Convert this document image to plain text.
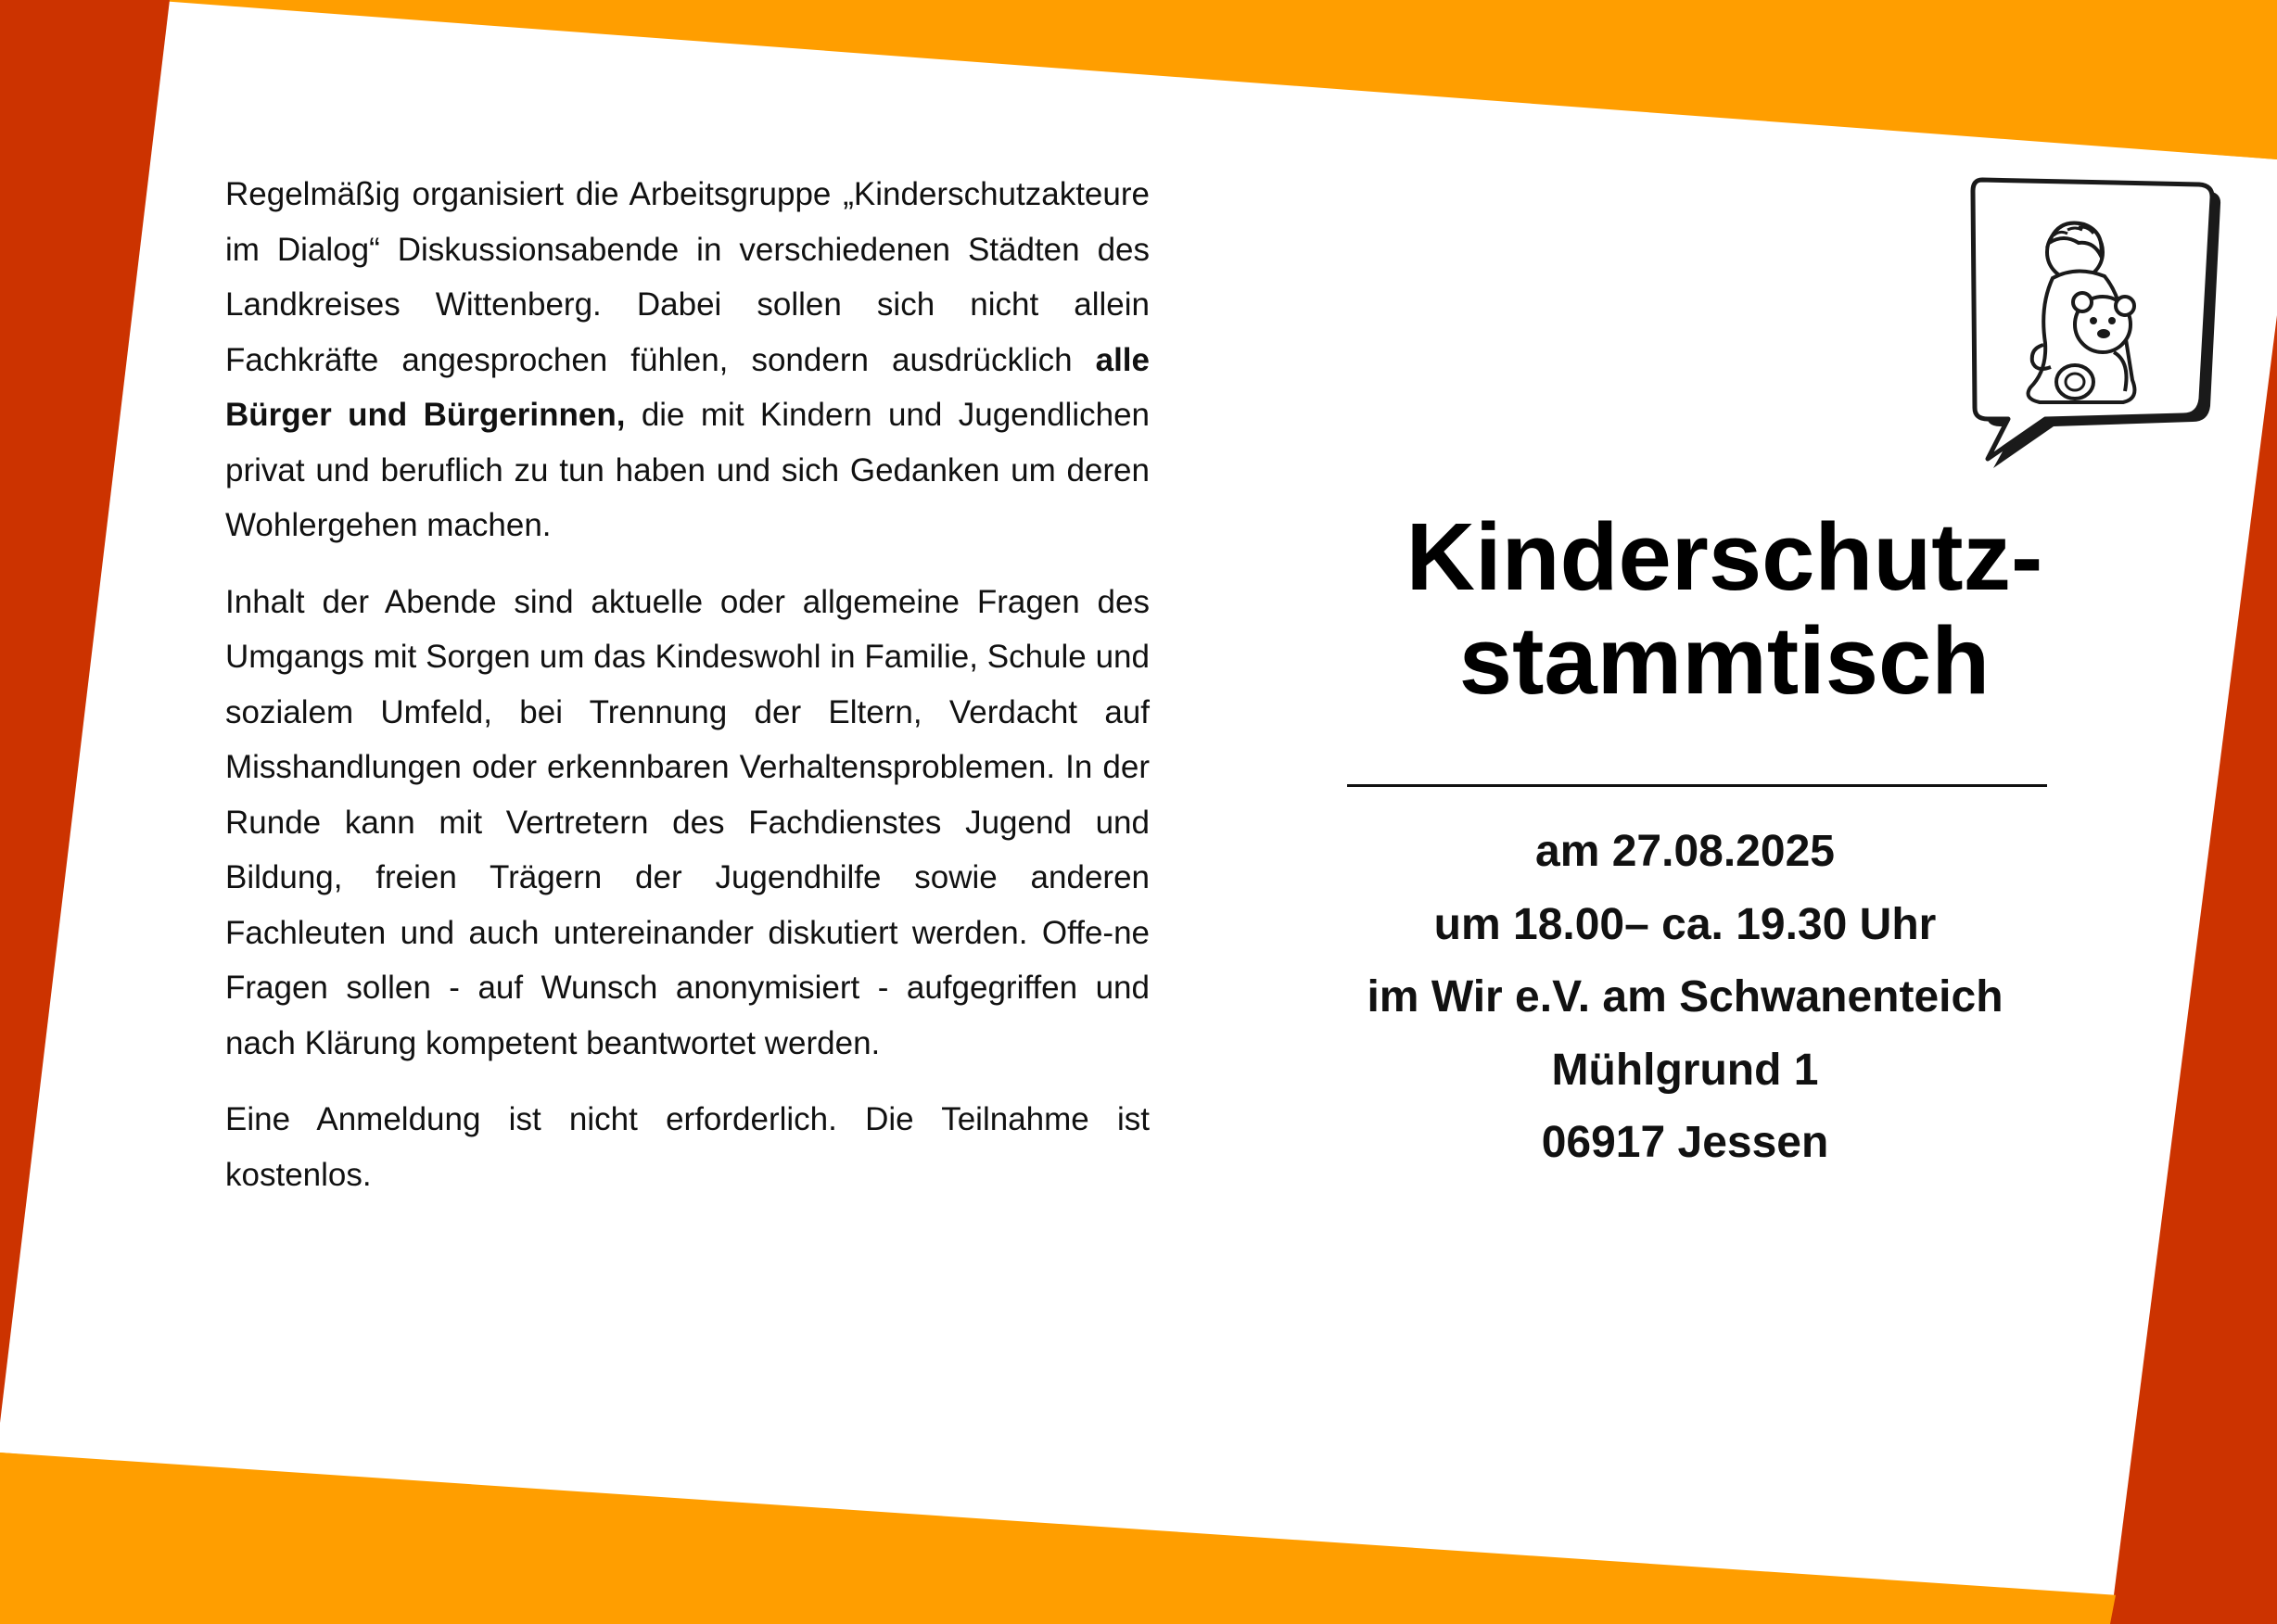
Regelmäßig organisiert die Arbeitsgruppe „Kinderschutzakteure im Dialog“ Diskussionsabende in verschiedenen Städten des Landkreises Wittenberg. Dabei sollen sich nicht allein Fachkräfte angesprochen fühlen, sondern ausdrücklich alle Bürger und Bürgerinnen, die mit Kindern und Jugendlichen privat und beruflich zu tun haben und sich Gedanken um deren Wohlergehen machen.

Inhalt der Abende sind aktuelle oder allgemeine Fragen des Umgangs mit Sorgen um das Kindeswohl in Familie, Schule und sozialem Umfeld, bei Trennung der Eltern, Verdacht auf Misshandlungen oder erkennbaren Verhaltensproblemen. In der Runde kann mit Vertretern des Fachdienstes Jugend und Bildung, freien Trägern der Jugendhilfe sowie anderen Fachleuten und auch untereinander diskutiert werden. Offe-ne Fragen sollen - auf Wunsch anonymisiert - aufgegriffen und nach Klärung kompetent beantwortet werden.

Eine Anmeldung ist nicht erforderlich. Die Teilnahme ist kostenlos.

Kinderschutz-
stammtisch
am 27.08.2025
um 18.00– ca. 19.30 Uhr
im Wir e.V. am Schwanenteich
Mühlgrund 1
06917 Jessen
